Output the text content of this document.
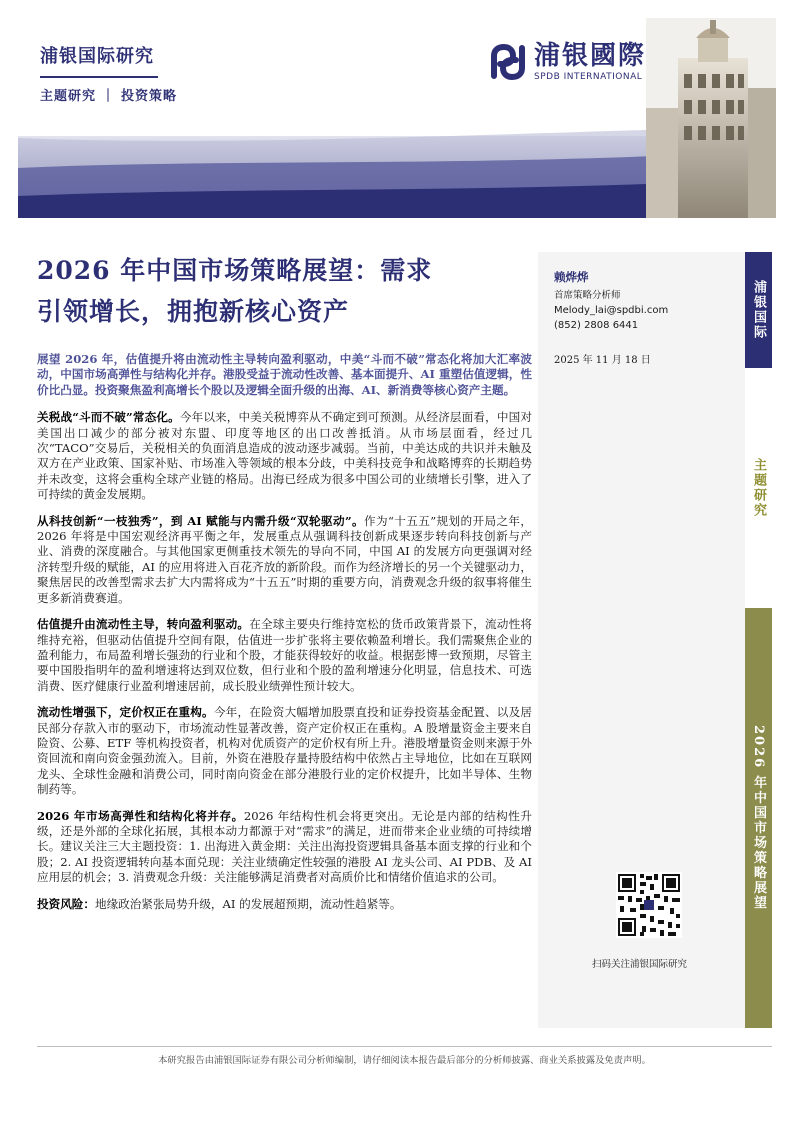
浦银国际研究
主题研究 ｜ 投资策略
浦银國際
SPDB INTERNATIONAL
2026 年中国市场策略展望：需求
引领增长，拥抱新核心资产

展望 2026 年，估值提升将由流动性主导转向盈利驱动，中美“斗而不破”常态化将加大汇率波动，中国市场高弹性与结构化并存。港股受益于流动性改善、基本面提升、AI 重塑估值逻辑，性价比凸显。投资聚焦盈利高增长个股以及逻辑全面升级的出海、AI、新消费等核心资产主题。

关税战“斗而不破”常态化。今年以来，中美关税博弈从不确定到可预测。从经济层面看，中国对美国出口减少的部分被对东盟、印度等地区的出口改善抵消。从市场层面看，经过几次“TACO”交易后，关税相关的负面消息造成的波动逐步减弱。当前，中美达成的共识并未触及双方在产业政策、国家补贴、市场准入等领域的根本分歧，中美科技竞争和战略博弈的长期趋势并未改变，这将会重构全球产业链的格局。出海已经成为很多中国公司的业绩增长引擎，进入了可持续的黄金发展期。

从科技创新“一枝独秀”，到 AI 赋能与内需升级“双轮驱动”。作为“十五五”规划的开局之年，2026 年将是中国宏观经济再平衡之年，发展重点从强调科技创新成果逐步转向科技创新与产业、消费的深度融合。与其他国家更侧重技术领先的导向不同，中国 AI 的发展方向更强调对经济转型升级的赋能，AI 的应用将进入百花齐放的新阶段。而作为经济增长的另一个关键驱动力，聚焦居民的改善型需求去扩大内需将成为“十五五”时期的重要方向，消费观念升级的叙事将催生更多新消费赛道。

估值提升由流动性主导，转向盈利驱动。在全球主要央行维持宽松的货币政策背景下，流动性将维持充裕，但驱动估值提升空间有限，估值进一步扩张将主要依赖盈利增长。我们需聚焦企业的盈利能力，布局盈利增长强劲的行业和个股，才能获得较好的收益。根据彭博一致预期，尽管主要中国股指明年的盈利增速将达到双位数，但行业和个股的盈利增速分化明显，信息技术、可选消费、医疗健康行业盈利增速居前，成长股业绩弹性预计较大。

流动性增强下，定价权正在重构。今年，在险资大幅增加股票直投和证券投资基金配置、以及居民部分存款入市的驱动下，市场流动性显著改善，资产定价权正在重构。A 股增量资金主要来自险资、公募、ETF 等机构投资者，机构对优质资产的定价权有所上升。港股增量资金则来源于外资回流和南向资金强劲流入。目前，外资在港股存量持股结构中依然占主导地位，比如在互联网龙头、全球性金融和消费公司，同时南向资金在部分港股行业的定价权提升，比如半导体、生物制药等。

2026 年市场高弹性和结构化将并存。2026 年结构性机会将更突出。无论是内部的结构性升级，还是外部的全球化拓展，其根本动力都源于对“需求”的满足，进而带来企业业绩的可持续增长。建议关注三大主题投资：1. 出海进入黄金期：关注出海投资逻辑具备基本面支撑的行业和个股；2. AI 投资逻辑转向基本面兑现：关注业绩确定性较强的港股 AI 龙头公司、AI PDB、及 AI 应用层的机会；3. 消费观念升级：关注能够满足消费者对高质价比和情绪价值追求的公司。

投资风险：地缘政治紧张局势升级，AI 的发展超预期，流动性趋紧等。

赖烨烨
首席策略分析师
Melody_lai@spdbi.com
(852) 2808 6441
2025 年 11 月 18 日
扫码关注浦银国际研究
浦银国际
主题研究
2026 年中国市场策略展望
本研究报告由浦银国际证券有限公司分析师编制，请仔细阅读本报告最后部分的分析师披露、商业关系披露及免责声明。
